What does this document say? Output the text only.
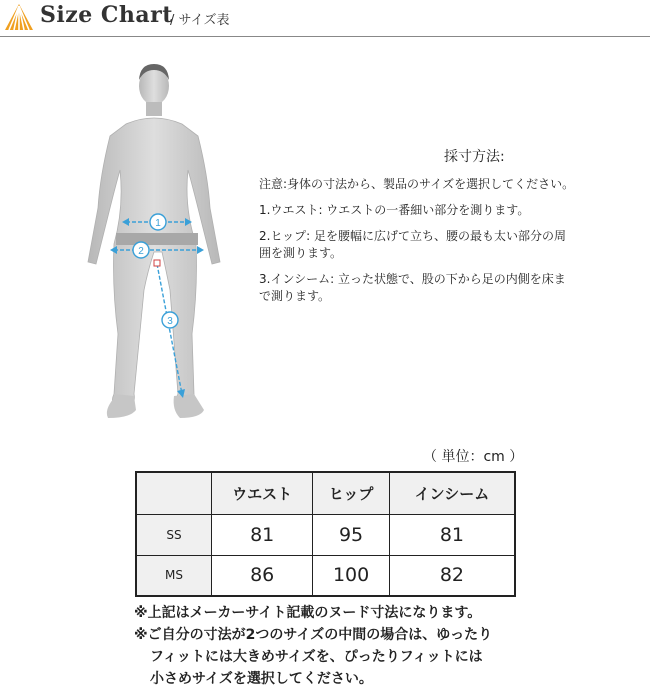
Size Chart
/ サイズ表
1
2
3
採寸方法:

注意:身体の寸法から、製品のサイズを選択してください。

1.ウエスト: ウエストの一番細い部分を測ります。

2.ヒップ: 足を腰幅に広げて立ち、腰の最も太い部分の周囲を測ります。

3.インシーム: 立った状態で、股の下から足の内側を床まで測ります。

（ 単位：cm ）
	ウエスト	ヒップ	インシーム
SS	81	95	81
MS	86	100	82
※上記はメーカーサイト記載のヌード寸法になります。
※ご自分の寸法が2つのサイズの中間の場合は、ゆったり
フィットには大きめサイズを、ぴったりフィットには
小さめサイズを選択してください。
